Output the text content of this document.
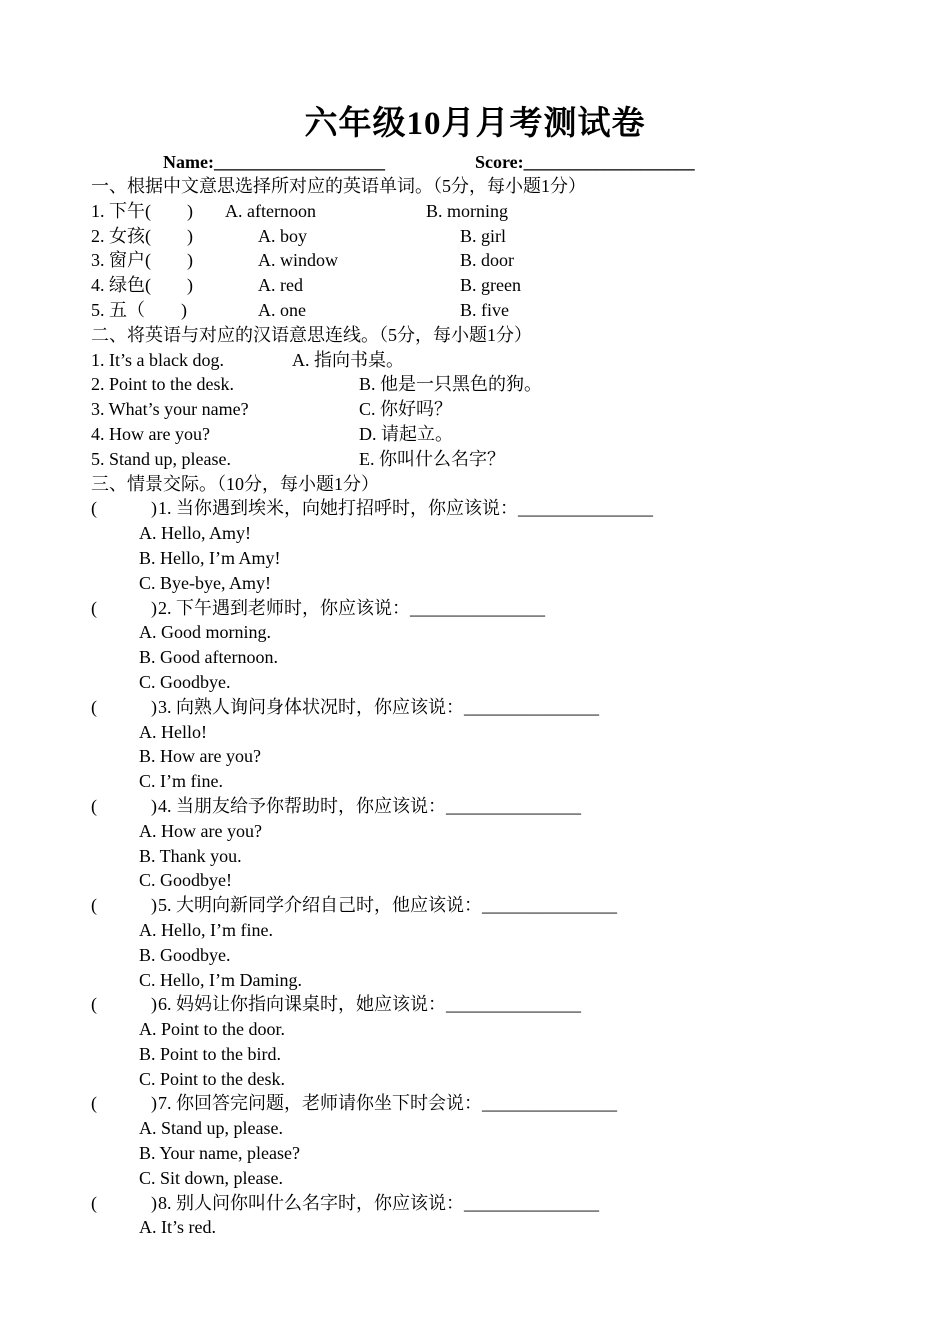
六年级10月月考测试卷
Name:___________________	Score:___________________
一、根据中文意思选择所对应的英语单词。（5分，每小题1分）
1. 下午(　　) A. afternoon	B. morning
2. 女孩(　　)	A. boy	B. girl
3. 窗户(　　)	A. window	B. door
4. 绿色(　　)	A. red	B. green
5. 五（　　)	A. one	B. five
二、将英语与对应的汉语意思连线。（5分，每小题1分）
1. It’s a black dog.	A. 指向书桌。
2. Point to the desk.	B. 他是一只黑色的狗。
3. What’s your name?	C. 你好吗？
4. How are you?	D. 请起立。
5. Stand up, please.	E. 你叫什么名字？
三、情景交际。（10分，每小题1分）
(　　　) 1. 当你遇到埃米，向她打招呼时，你应该说：_______________
A. Hello, Amy!
B. Hello, I’m Amy!
C. Bye-bye, Amy!
(　　　) 2. 下午遇到老师时，你应该说：_______________
A. Good morning.
B. Good afternoon.
C. Goodbye.
(　　　) 3. 向熟人询问身体状况时，你应该说：_______________
A. Hello!
B. How are you?
C. I’m fine.
(　　　) 4. 当朋友给予你帮助时，你应该说：_______________
A. How are you?
B. Thank you.
C. Goodbye!
(　　　) 5. 大明向新同学介绍自己时，他应该说：_______________
A. Hello, I’m fine.
B. Goodbye.
C. Hello, I’m Daming.
(　　　) 6. 妈妈让你指向课桌时，她应该说：_______________
A. Point to the door.
B. Point to the bird.
C. Point to the desk.
(　　　) 7. 你回答完问题，老师请你坐下时会说：_______________
A. Stand up, please.
B. Your name, please?
C. Sit down, please.
(　　　) 8. 别人问你叫什么名字时，你应该说：_______________
A. It’s red.
